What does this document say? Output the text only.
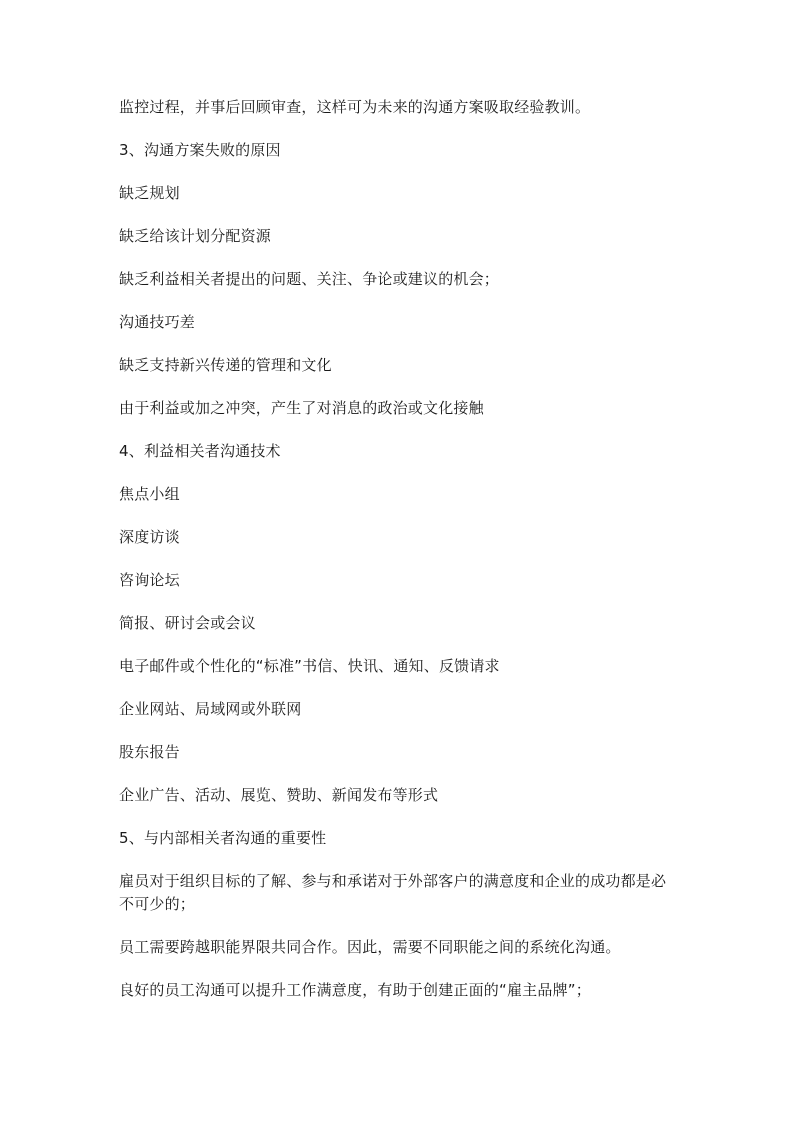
监控过程，并事后回顾审查，这样可为未来的沟通方案吸取经验教训。

3、沟通方案失败的原因

缺乏规划

缺乏给该计划分配资源

缺乏利益相关者提出的问题、关注、争论或建议的机会；

沟通技巧差

缺乏支持新兴传递的管理和文化

由于利益或加之冲突，产生了对消息的政治或文化接触

4、利益相关者沟通技术

焦点小组

深度访谈

咨询论坛

简报、研讨会或会议

电子邮件或个性化的“标准”书信、快讯、通知、反馈请求

企业网站、局域网或外联网

股东报告

企业广告、活动、展览、赞助、新闻发布等形式

5、与内部相关者沟通的重要性

雇员对于组织目标的了解、参与和承诺对于外部客户的满意度和企业的成功都是必不可少的；

员工需要跨越职能界限共同合作。因此，需要不同职能之间的系统化沟通。

良好的员工沟通可以提升工作满意度，有助于创建正面的“雇主品牌”；
